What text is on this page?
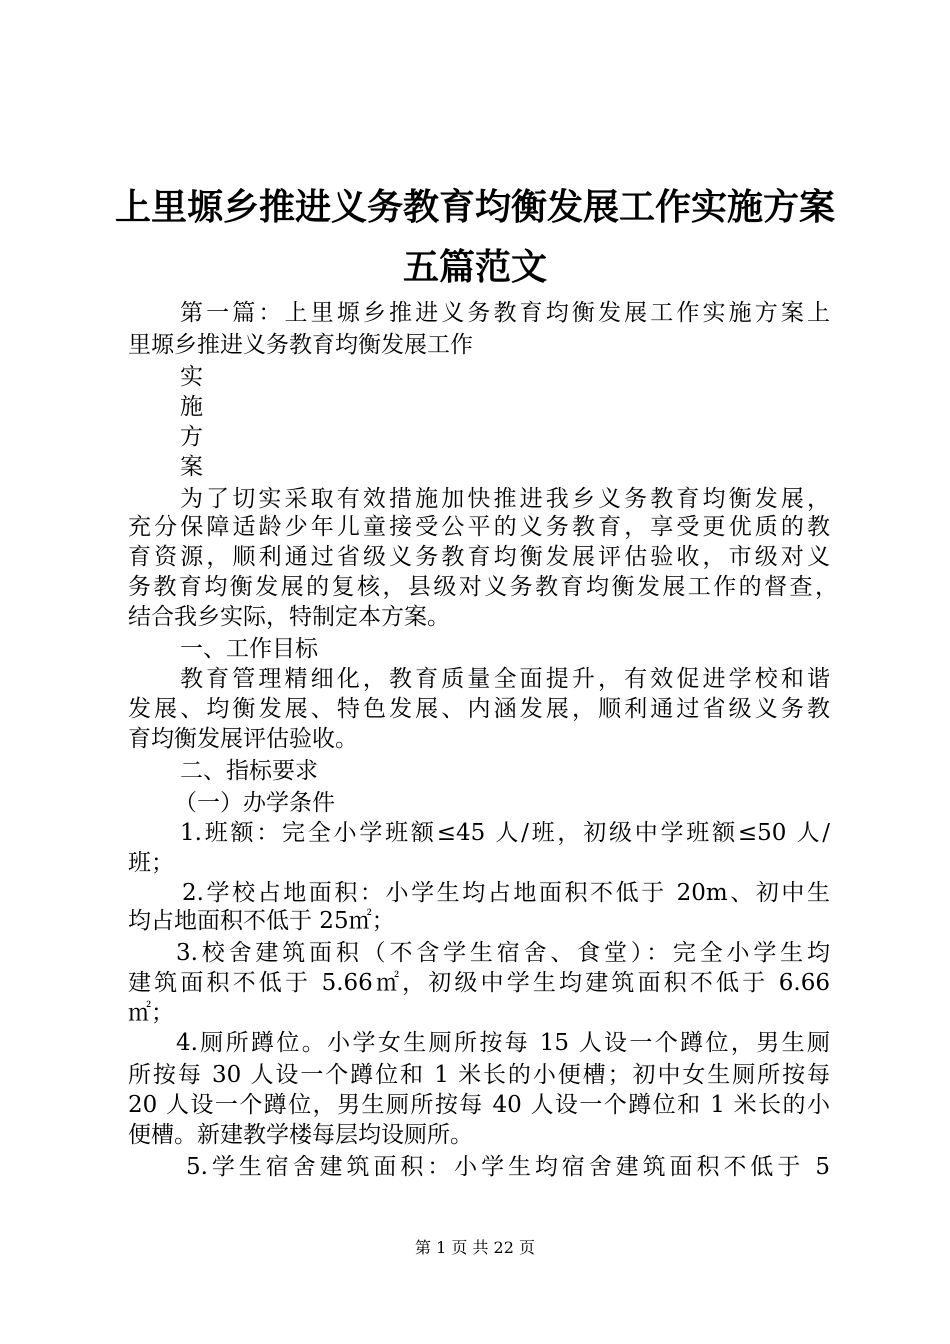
上里塬乡推进义务教育均衡发展工作实施方案
五篇范文

第一篇：上里塬乡推进义务教育均衡发展工作实施方案上

里塬乡推进义务教育均衡发展工作

实

施

方

案

为了切实采取有效措施加快推进我乡义务教育均衡发展，

充分保障适龄少年儿童接受公平的义务教育，享受更优质的教

育资源，顺利通过省级义务教育均衡发展评估验收，市级对义

务教育均衡发展的复核，县级对义务教育均衡发展工作的督查，

结合我乡实际，特制定本方案。

一、工作目标

教育管理精细化，教育质量全面提升，有效促进学校和谐

发展、均衡发展、特色发展、内涵发展，顺利通过省级义务教

育均衡发展评估验收。

二、指标要求

（一）办学条件

1.班额：完全小学班额≤45 人/班，初级中学班额≤50 人/

班；

2.学校占地面积：小学生均占地面积不低于 20m、初中生

均占地面积不低于 25㎡；

3.校舍建筑面积（不含学生宿舍、食堂）：完全小学生均

建筑面积不低于 5.66㎡，初级中学生均建筑面积不低于 6.66

㎡；

4.厕所蹲位。小学女生厕所按每 15 人设一个蹲位，男生厕

所按每 30 人设一个蹲位和 1 米长的小便槽；初中女生厕所按每

20 人设一个蹲位，男生厕所按每 40 人设一个蹲位和 1 米长的小

便槽。新建教学楼每层均设厕所。

5.学生宿舍建筑面积：小学生均宿舍建筑面积不低于 5

第 1 页 共 22 页
